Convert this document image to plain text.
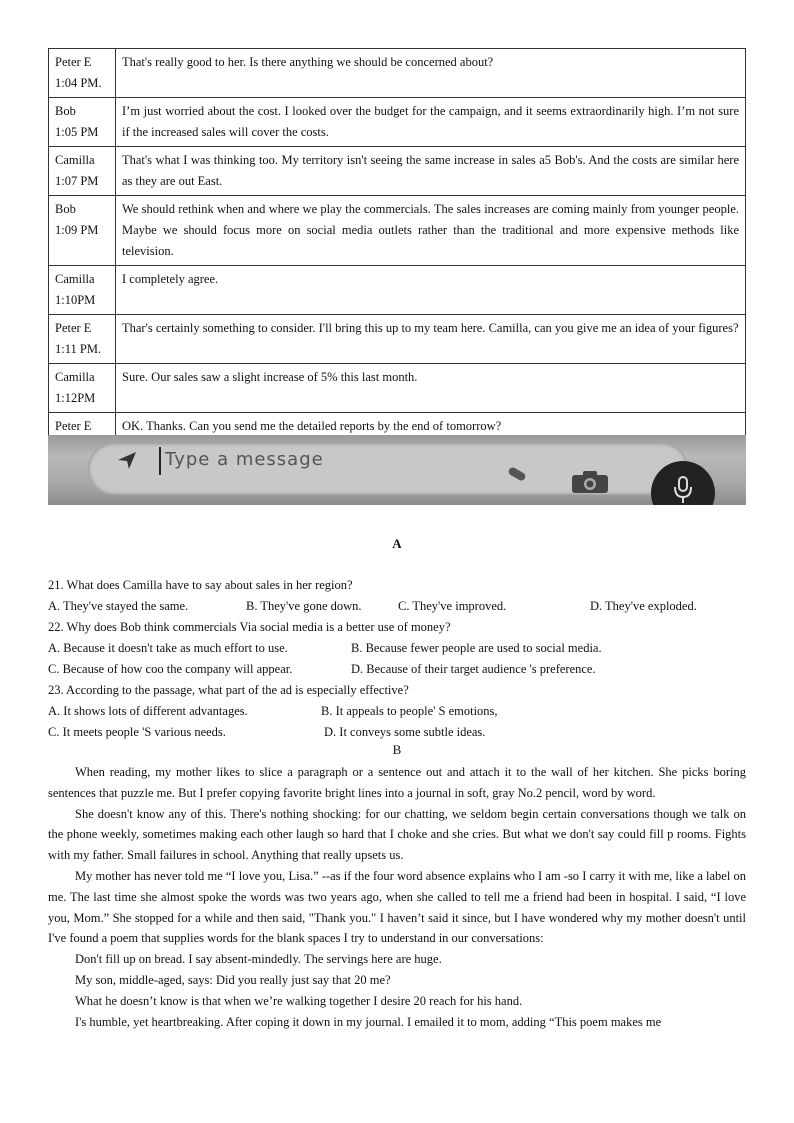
Peter E
1:04 PM.	That's really good to her. Is there anything we should be concerned about?

Bob
1:05 PM	I’m just worried about the cost. I looked over the budget for the campaign, and it seems extraordinarily high. I’m not sure if the increased sales will cover the costs.

Camilla
1:07 PM	That's what I was thinking too. My territory isn't seeing the same increase in sales a5 Bob's. And the costs are similar here as they are out East.

Bob
1:09 PM	We should rethink when and where we play the commercials. The sales increases are coming mainly from younger people. Maybe we should focus more on social media outlets rather than the traditional and more expensive methods like television.

Camilla
1:10PM	I completely agree.

Peter E
1:11 PM.	Thar's certainly something to consider. I'll bring this up to my team here. Camilla, can you give me an idea of your figures?

Camilla
1:12PM	Sure. Our sales saw a slight increase of 5% this last month.

Peter E	OK. Thanks. Can you send me the detailed reports by the end of tomorrow?

Type a message
A
21. What does Camilla have to say about sales in her region?
A. They've stayed the same.	B. They've gone down.	C. They've improved.	D. They've exploded.
22. Why does Bob think commercials Via social media is a better use of money?
A. Because it doesn't take as much effort to use.	B. Because fewer people are used to social media.
C. Because of how coo the company will appear.	D. Because of their target audience 's preference.
23. According to the passage, what part of the ad is especially effective?
A. It shows lots of different advantages.	B. It appeals to people' S emotions,
C. It meets people 'S various needs.	D. It conveys some subtle ideas.
B

When reading, my mother likes to slice a paragraph or a sentence out and attach it to the wall of her kitchen. She picks boring sentences that puzzle me. But I prefer copying favorite bright lines into a journal in soft, gray No.2 pencil, word by word.

She doesn't know any of this. There's nothing shocking: for our chatting, we seldom begin certain conversations though we talk on the phone weekly, sometimes making each other laugh so hard that I choke and she cries. But what we don't say could fill p rooms. Fights with my father. Small failures in school. Anything that really upsets us.

My mother has never told me “I love you, Lisa.” --as if the four word absence explains who I am -so I carry it with me, like a label on me. The last time she almost spoke the words was two years ago, when she called to tell me a friend had been in hospital. I said, “I love you, Mom.” She stopped for a while and then said, "Thank you." I haven’t said it since, but I have wondered why my mother doesn't until I've found a poem that supplies words for the blank spaces I try to understand in our conversations:

Don't fill up on bread. I say absent-mindedly. The servings here are huge.

My son, middle-aged, says: Did you really just say that 20 me?

What he doesn’t know is that when we’re walking together I desire 20 reach for his hand.

I's humble, yet heartbreaking. After coping it down in my journal. I emailed it to mom, adding “This poem makes me
